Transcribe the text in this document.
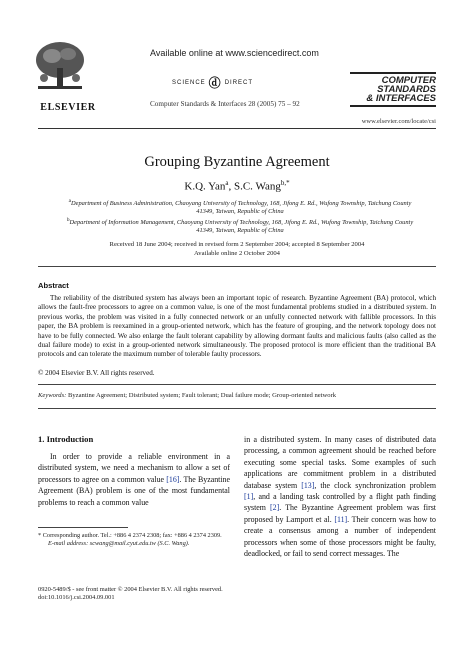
ELSEVIER
Available online at www.sciencedirect.com
SCIENCE ⓓ DIRECT
Computer Standards & Interfaces 28 (2005) 75 – 92
COMPUTER STANDARDS
& INTERFACES
www.elsevier.com/locate/csi
Grouping Byzantine Agreement
K.Q. Yan$^a$, S.C. Wang$^{b,*}$
$^a$Department of Business Administration, Chaoyang University of Technology, 168, Jifong E. Rd., Wufong Township, Taichung County 41349, Taiwan, Republic of China
$^b$Department of Information Management, Chaoyang University of Technology, 168, Jifong E. Rd., Wufong Township, Taichung County 41349, Taiwan, Republic of China
Received 18 June 2004; received in revised form 2 September 2004; accepted 8 September 2004
Available online 2 October 2004
Abstract
The reliability of the distributed system has always been an important topic of research. Byzantine Agreement (BA) protocol, which allows the fault-free processors to agree on a common value, is one of the most fundamental problems studied in a distributed system. In previous works, the problem was visited in a fully connected network or an unfully connected network with fallible processors. In this paper, the BA problem is reexamined in a group-oriented network, which has the feature of grouping, and the network topology does not have to be fully connected. We also enlarge the fault tolerant capability by allowing dormant faults and malicious faults (also called as the dual failure mode) to exist in a group-oriented network simultaneously. The proposed protocol is more efficient than the traditional BA protocols and can tolerate the maximum number of tolerable faulty processors.
© 2004 Elsevier B.V. All rights reserved.
Keywords: Byzantine Agreement; Distributed system; Fault tolerant; Dual failure mode; Group-oriented network
1. Introduction
In order to provide a reliable environment in a distributed system, we need a mechanism to allow a set of processors to agree on a common value [16]. The Byzantine Agreement (BA) problem is one of the most fundamental problems to reach a common value
in a distributed system. In many cases of distributed data processing, a common agreement should be reached before executing some special tasks. Some examples of such applications are commitment problem in a distributed database system [13], the clock synchronization problem [1], and a landing task controlled by a flight path finding system [2]. The Byzantine Agreement problem was first proposed by Lamport et al. [11]. Their concern was how to create a consensus among a number of independent processors when some of those processors might be faulty, deadlocked, or fail to send correct messages. The
* Corresponding author. Tel.: +886 4 2374 2308; fax: +886 4 2374 2309.
E-mail address: scwang@mail.cyut.edu.tw (S.C. Wang).
0920-5489/$ - see front matter © 2004 Elsevier B.V. All rights reserved.
doi:10.1016/j.csi.2004.09.001
